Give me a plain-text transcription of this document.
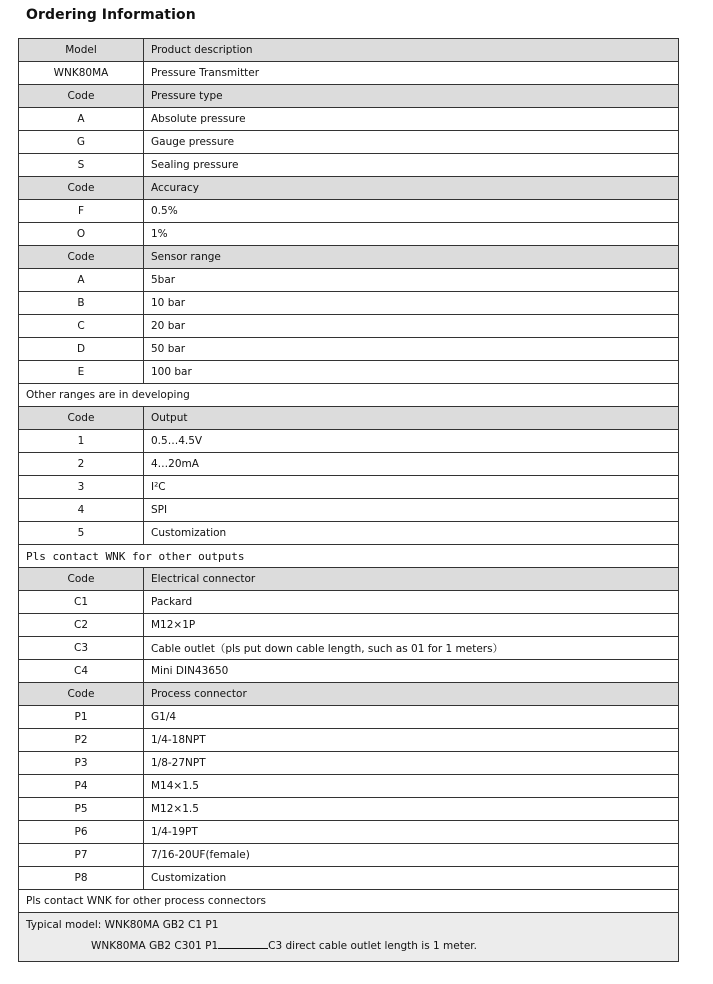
Ordering Information
Model	Product description
WNK80MA	Pressure Transmitter
Code	Pressure type
A	Absolute pressure
G	Gauge pressure
S	Sealing pressure
Code	Accuracy
F	0.5%
O	1%
Code	Sensor range
A	5bar
B	10 bar
C	20 bar
D	50 bar
E	100 bar
Other ranges are in developing	
Code	Output
1	0.5…4.5V
2	4…20mA
3	I²C
4	SPI
5	Customization
Pls contact WNK for other outputs	
Code	Electrical connector
C1	Packard
C2	M12×1P
C3	Cable outlet（pls put down cable length, such as 01 for 1 meters）
C4	Mini DIN43650
Code	Process connector
P1	G1/4
P2	1/4-18NPT
P3	1/8-27NPT
P4	M14×1.5
P5	M12×1.5
P6	1/4-19PT
P7	7/16-20UF(female)
P8	Customization
Pls contact WNK for other process connectors	

Typical model: WNK80MA GB2 C1 P1
WNK80MA GB2 C301 P1 C3 direct cable outlet length is 1 meter.	
